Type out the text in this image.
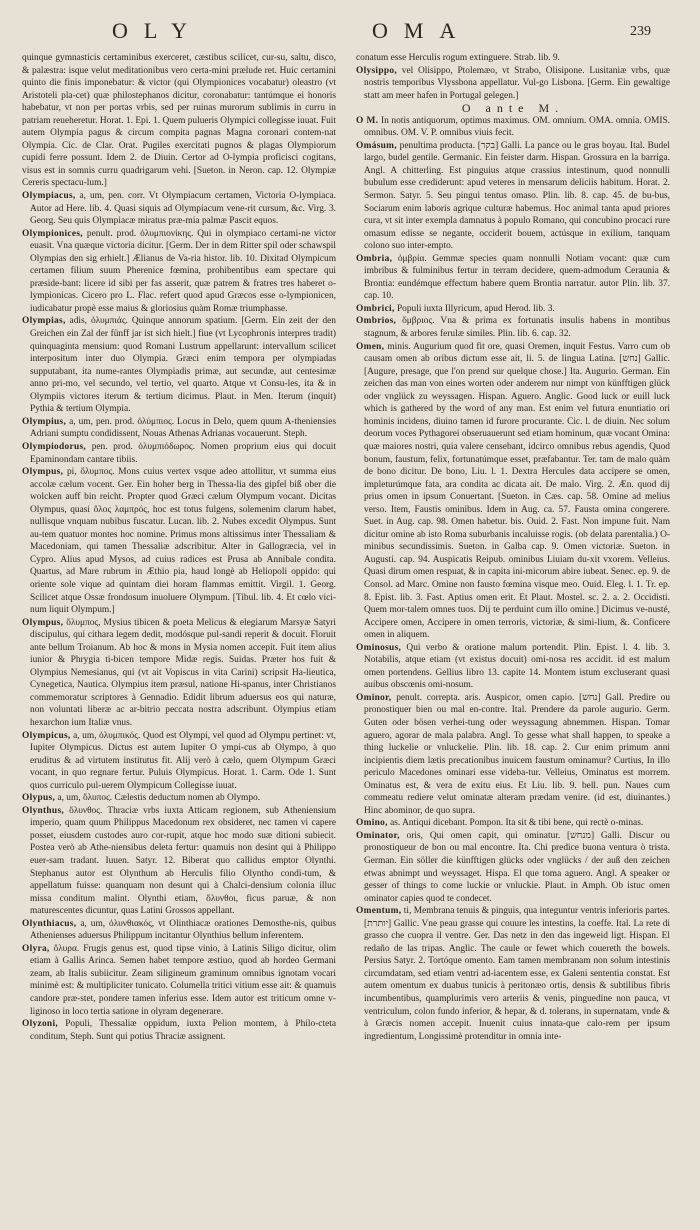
OLY	OMA	239

quinque gymnasticis certaminibus exerceret, cæstibus scilicet, cur-su, saltu, disco, & palæstra: isque velut meditationibus vero certa-mini prælude ret. Huic certamini quinto die finis imponebatur: & victor (qui Olympionices vocabatur) oleastro (vt Aristoteli pla-cet) quæ philostephanos dicitur, coronabatur: tantúmque ei honoris habebatur, vt non per portas vrbis, sed per ruinas murorum sublimis in curru in patriam reueheretur. Horat. 1. Epi. 1. Quem pulueris Olympici collegisse iuuat. Fuit autem Olympia pagus & circum compita pagnas Magna coronari contem-nat Olympia. Cic. de Clar. Orat. Pugiles exercitati pugnos & plagas Olympiorum cupidi ferre possunt. Idem 2. de Diuin. Certor ad O-lympia proficisci cogitans, visus est in somnis curru quadrigarum vehi. [Sueton. in Neron. cap. 12. Olympiæ Cereris spectacu-lum.]

Olympiacus, a, um, pen. corr. Vt Olympiacum certamen, Victoria O-lympiaca. Autor ad Here. lib. 4. Quasi siquis ad Olympiacum vene-rit cursum, &c. Virg. 3. Georg. Seu quis Olympiacæ miratus præ-mia palmæ Pascit equos.

Olympionices, penult. prod. ὀλυμπιονίκης. Qui in olympiaco certami-ne victor euasit. Vna quæque victoria dicitur. [Germ. Der in dem Ritter spil oder schawspil Olympias den sig erhielt.] Ælianus de Va-ria histor. lib. 10. Dixitad Olympicum certamen filium suum Pherenice fœmina, prohibentibus eam spectare qui præside-bant: licere id sibi per fas asserit, quæ patrem & fratres tres haberet o-lympionicas. Cicero pro L. Flac. refert quod apud Græcos esse o-lympionicen, iudicabatur propè esse maius & gloriosius quàm Romæ triumphasse.

Olympias, adis, ὀλυμπιάς. Quinque annorum spatium. [Germ. Ein zeit der den Greichen ein Zal der fünff jar ist sich hielt.] fiue (vt Lycophronis interpres tradit) quinquaginta mensium: quod Romani Lustrum appellarunt: intervallum scilicet interpositum inter duo Olympia. Græci enim tempora per olympiadas supputabant, ita nume-rantes Olympiadis primæ, aut secundæ, aut centesimæ anno pri-mo, vel secundo, vel tertio, vel quarto. Atque vt Consu-les, ita & in Olympiis victores iterum & tertium dicimus. Plaut. in Men. Iterum (inquit) Pythia & tertium Olympia.

Olympius, a, um, pen. prod. ὀλύμπιος. Locus in Delo, quem quum A-theniensies Adriani sumptu condidissent, Nouas Athenas Adrianas vocauerunt. Steph.

Olympiodorus, pen. prod. ὀλυμπιόδωρος. Nomen proprium eius qui docuit Epaminondam cantare tibiis.

Olympus, pi, ὄλυμπος. Mons cuius vertex vsque adeo attollitur, vt summa eius accolæ cælum vocent. Ger. Ein hoher berg in Thessa-lia des gipfel biß ober die wolcken auff bin reicht. Propter quod Græci cælum Olympum vocant. Dicitas Olympus, quasi ὅλος λαμπρός, hoc est totus fulgens, solemenim clarum habet, nullisque vnquam nubibus fuscatur. Lucan. lib. 2. Nubes excedit Olympus. Sunt au-tem quatuor montes hoc nomine. Primus mons altissimus inter Thessaliam & Macedoniam, qui tamen Thessaliæ adscribitur. Alter in Gallogræcia, vel in Cypro. Alius apud Mysos, ad cuius radices est Prusa ab Annibale condita. Quartus, ad Mare rubrum in Æthio pia, haud longè ab Heliopoli oppido: qui oriente sole vique ad quintam diei horam flammas emittit. Virgil. 1. Georg. Scilicet atque Ossæ frondosum inuoluere Olympum. [Tibul. lib. 4. Et cœlo vici-num liquit Olympum.]

Olympus, ὄλυμπος, Mysius tibicen & poeta Melicus & elegiarum Marsyæ Satyri discipulus, qui cithara legem dedit, modósque pul-sandi reperit & docuit. Floruit ante bellum Troianum. Ab hoc & mons in Mysia nomen accepit. Fuit item alius iunior & Phrygia ti-bicen tempore Midæ regis. Suidas. Præter hos fuit & Olympius Nemesianus, qui (vt ait Vopiscus in vita Carini) scripsit Ha-lieutica, Cynegetica, Nautica. Olympius item præsul, natione Hi-spanus, inter Christianos commemoratur scriptores à Gennadio. Edidit librum aduersus eos qui naturæ, non voluntati liberæ ac ar-bitrio peccata nostra adscribunt. Olympius etiam hexarchon ium Italiæ vnus.

Olympicus, a, um, ὀλυμπικός. Quod est Olympi, vel quod ad Olympu pertinet: vt, Iupiter Olympicus. Dictus est autem Iupiter O ympi-cus ab Olympo, à quo eruditus & ad virtutem institutus fit. Alij verò à cælo, quem Olympum Græci vocant, in quo regnare fertur. Puluis Olympicus. Horat. 1. Carm. Ode 1. Sunt quos curriculo pul-uerem Olympicum Collegisse iuuat.

Olypus, a, um, ὄλυπος. Cælestis deductum nomen ab Olympo.

Olynthus, ὄλυνθος. Thraciæ vrbs iuxta Atticam regionem, sub Atheniensium imperio, quam quum Philippus Macedonum rex obsideret, nec tamen vi capere posset, eiusdem custodes auro cor-rupit, atque hoc modo suæ ditioni subiecit. Postea verò ab Athe-niensibus deleta fertur: quamuis non desint qui à Philippo euer-sam tradant. Iuuen. Satyr. 12. Biberat quo callidus emptor Olynthi. Stephanus autor est Olynthum ab Herculis filio Olyntho condi-tum, & appellatum fuisse: quanquam non desunt qui à Chalci-densium colonia illuc missa conditum malint. Olynthi etiam, ὄλυνθοι, ficus paruæ, & non maturescentes dicuntur, quas Latini Grossos appellant.

Olynthiacus, a, um, ὀλυνθιακός, vt Olinthiacæ orationes Demosthe-nis, quibus Athenienses aduersus Philippum incitantur Olynthius bellum inferentem.

Olyra, ὄλυρα. Frugis genus est, quod tipse vinio, à Latinis Siligo dicitur, olim etiam à Gallis Arinca. Semen habet tempore æstiuo, quod ab hordeo Germani zeam, ab Italis subiicitur. Zeam siligineum graminum omnibus ignotam vocari minimè est: & multipliciter tunicato. Columella tritici vitium esse ait: & quamuis candore præ-stet, pondere tamen inferius esse. Idem autor est triticum omne v-liginoso in loco tertia satione in olyram degenerare.

Olyzoni, Populi, Thessaliæ oppidum, iuxta Pelion montem, à Philo-cteta conditum, Steph. Sunt qui potius Thraciæ assignent.

conatum esse Herculis rogum extinguere. Strab. lib. 9.

Olysippo, vel Olisippo, Ptolemæo, vt Strabo, Olisipone. Lusitaniæ vrbs, quæ nostris temporibus Vlyssbona appellatur. Vul-go Lisbona. [Germ. Ein gewaltige statt am meer hafen in Portugal gelegen.]

O ante M.

O M. In notis antiquorum, optimus maximus. OM. omnium. OMA. omnia. OMIS. omnibus. OM. V. P. omnibus viuis fecit.

Omásum, penultima producta. [בקר] Galli. La pance ou le gras boyau. Ital. Budel largo, budel gentile. Germanic. Ein feister darm. Hispan. Grossura en la barriga. Angl. A chitterling. Est pinguius atque crassius intestinum, quod nonnulli bubulum esse crediderunt: apud veteres in mensarum deliciis habitum. Horat. 2. Sermon. Satyr. 5. Seu pingui tentus omaso. Plin. lib. 8. cap. 45. de bu-bus, Sociarum enim laboris agrique culturæ habemus. Hoc animal tanta apud priores cura, vt sit inter exempla damnatus à populo Romano, qui concubino procaci rure omasum edisse se negante, occiderit bouem, actúsque in exilium, tanquam colono suo inter-empto.

Ombria, ὀμβρία. Gemmæ species quam nonnulli Notiam vocant: quæ cum imbribus & fulminibus fertur in terram decidere, quem-admodum Ceraunia & Brontia: eundémque effectum habere quem Brontia narratur. autor Plin. lib. 37. cap. 10.

Ombrici, Populi iuxta Illyricum, apud Herod. lib. 3.

Ombrios, ὄμβριος. Vna & prima ex fortunatis insulis habens in montibus stagnum, & arbores ferulæ similes. Plin. lib. 6. cap. 32.

Omen, minis. Augurium quod fit ore, quasi Oremen, inquit Festus. Varro cum ob causam omen ab oribus dictum esse ait, li. 5. de lingua Latina. [נחש] Gallic. [Augure, presage, que l'on prend sur quelque chose.] Ita. Augurio. German. Ein zeichen das man von eines worten oder anderem nur nimpt von künfftigen glück oder vnglück zu weyssagen. Hispan. Aguero. Anglic. Good luck or euill luck which is gathered by the word of any man. Est enim vel futura enuntiatio ori hominis incidens, diuino tamen id furore procurante. Cic. l. de diuin. Nec solum deorum voces Pythagorei obseruauerunt sed etiam hominum, quæ vocant Omina: quæ maiores nostri, quia valere censebant, idcirco omnibus rebus agendis, Quod bonum, faustum, felix, fortunatúmque esset, præfabantur. Ter. tam de malo quàm de bono dicitur. De bono, Liu. l. 1. Dextra Hercules data accipere se omen, impleturúmque fata, ara condita ac dicata ait. De malo. Virg. 2. Æn. quod dij prius omen in ipsum Conuertant. [Sueton. in Cæs. cap. 58. Omine ad melius verso. Item, Faustis ominibus. Idem in Aug. ca. 57. Fausta omina congerere. Suet. in Aug. cap. 98. Omen habetur. bis. Ouid. 2. Fast. Non impune fuit. Nam dicitur omine ab isto Roma suburbanis incaluisse rogis. (ob delata parentalia.) O-minibus secundissimis. Sueton. in Galba cap. 9. Omen victoriæ. Sueton. in Augusti. cap. 94. Auspicatis Reipub. ominibus Liuiam du-xit vxorem. Velleius. Quasi dirum omen respuat, & in capita ini-micorum abire iubeat. Senec. ep. 9. de Consol. ad Marc. Omine non fausto fœmina visque meo. Ouid. Eleg. l. 1. Tr. ep. 8. Epist. lib. 3. Fast. Aptius omen erit. Et Plaut. Mostel. sc. 2. a. 2. Occidisti. Quem mor-talem omnes tuos. Dij te perduint cum illo omine.] Dicimus ve-nusté, Accipere omen, Accipere in omen terroris, victoriæ, & simi-lium, &. Conficere omen in aliquem.

Ominosus, Qui verbo & oratione malum portendit. Plin. Epist. l. 4. lib. 3. Notabilis, atque etiam (vt existus docuit) omi-nosa res accidit. id est malum omen portendens. Gellius libro 13. capite 14. Montem istum excluserant quasi auibus obscœnis omi-nosum.

Ominor, penult. correpta. aris. Auspicor, omen capio. [נחש] Gall. Predire ou pronostiquer bien ou mal en-contre. Ital. Prendere da parole augurio. Germ. Guten oder bösen verhei-tung oder weyssagung abnemmen. Hispan. Tomar aguero, agorar de mala palabra. Angl. To gesse what shall happen, to speake a thing luckelie or vnluckelie. Plin. lib. 18. cap. 2. Cur enim primum anni incipientis diem lætis precationibus inuicem faustum ominamur? Curtius, In illo periculo Macedones ominari esse videba-tur. Velleius, Ominatus est morrem. Ominatus est, & vera de exitu eius. Et Liu. lib. 9. bell. pun. Naues cum commeatu rediere velut ominatæ alteram prædam venire. (id est, diuinantes.) Hinc abominor, de quo supra.

Omino, as. Antiqui dicebant. Pompon. Ita sit & tibi bene, qui rectè o-minas.

Ominator, oris, Qui omen capit, qui ominatur. [מנחש] Galli. Discur ou pronostiqueur de bon ou mal encontre. Ita. Chi predice buona ventura ò trista. German. Ein söller die künfftigen glücks oder vnglücks / der auß den zeichen etwas abnimpt und weyssaget. Hispa. El que toma aguero. Angl. A speaker or gesser of things to come luckie or vnluckie. Plaut. in Amph. Ob istuc omen ominator capies quod te condecet.

Omentum, ti, Membrana tenuis & pinguis, qua integuntur ventris inferioris partes. [יותרת] Gallic. Vne peau grasse qui couure les intestins, la coeffe. Ital. La rete di grasso che cuopra il ventre. Ger. Das netz in den das ingeweid ligt. Hispan. El redaño de las tripas. Anglic. The caule or fewet which couereth the bowels. Persius Satyr. 2. Tortóque omento. Eam tamen membranam non solum intestinis circumdatam, sed etiam ventri ad-iacentem esse, ex Galeni sententia constat. Est autem omentum ex duabus tunicis à peritonæo ortis, densis & subtilibus fibris incumbentibus, quamplurimis vero arteriis & venis, pinguedine non pauca, vt ventriculum, colon fundo inferior, & hepar, & d. tolerans, in supernatam, vnde & à Græcis nomen accepit. Inuenit cuius innata-que calo-rem per ipsum ingredientum, Longissimè protenditur in omnia inte-
